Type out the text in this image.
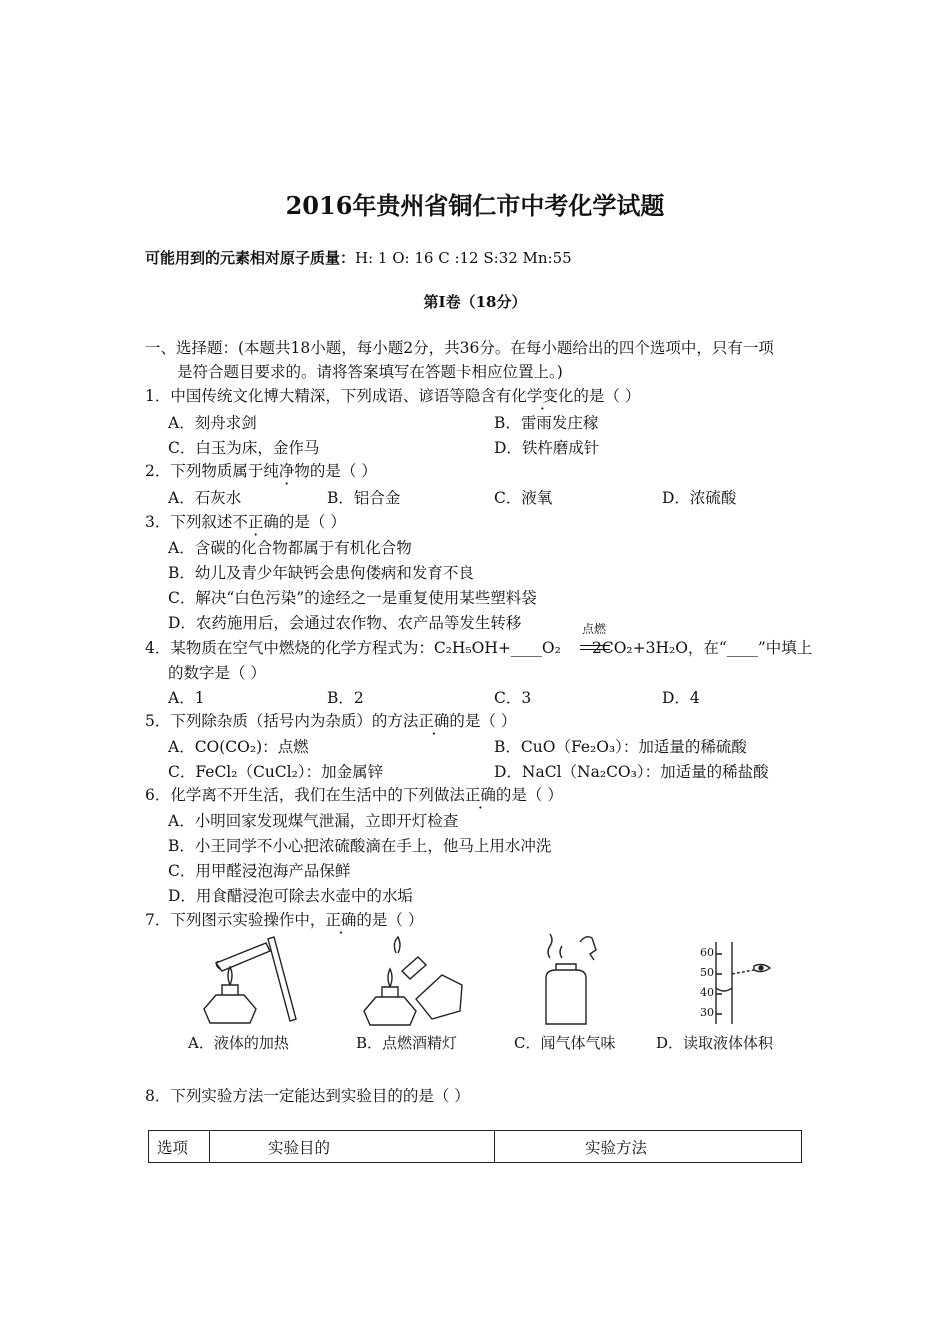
2016年贵州省铜仁市中考化学试题
可能用到的元素相对原子质量：H: 1 O: 16 C :12 S:32 Mn:55
第Ⅰ卷（18分）
一、选择题：(本题共18小题，每小题2分，共36分。在每小题给出的四个选项中，只有一项
是符合题目要求的。请将答案填写在答题卡相应位置上。)
1．中国传统文化博大精深，下列成语、谚语等隐含有化学变化的是（ ）
A．刻舟求剑	B．雷雨发庄稼
C．白玉为床，金作马	D．铁杵磨成针
2．下列物质属于纯净物的是（ ）
A．石灰水	B．铝合金	C．液氧	D．浓硫酸
3．下列叙述不正确的是（ ）
A．含碳的化合物都属于有机化合物
B．幼儿及青少年缺钙会患佝偻病和发育不良
C．解决“白色污染”的途经之一是重复使用某些塑料袋
D．农药施用后，会通过农作物、农产品等发生转移
4．某物质在空气中燃烧的化学方程式为：C₂H₅OH+____O₂
点燃
2CO₂+3H₂O，在“____”中填上
的数字是（ ）
A．1	B．2	C．3	D．4
5．下列除杂质（括号内为杂质）的方法正确的是（ ）
A．CO(CO₂)：点燃	B．CuO（Fe₂O₃）：加适量的稀硫酸
C．FeCl₂（CuCl₂）：加金属锌	D．NaCl（Na₂CO₃）：加适量的稀盐酸
6．化学离不开生活，我们在生活中的下列做法正确的是（ ）
A．小明回家发现煤气泄漏，立即开灯检查
B．小王同学不小心把浓硫酸滴在手上，他马上用水冲洗
C．用甲醛浸泡海产品保鲜
D．用食醋浸泡可除去水壶中的水垢
7．下列图示实验操作中，正确的是（ ）
A．液体的加热	B．点燃酒精灯	C．闻气体气味
60
50
40
30
D．读取液体体积
8．下列实验方法一定能达到实验目的的是（ ）
选项	实验目的	实验方法
